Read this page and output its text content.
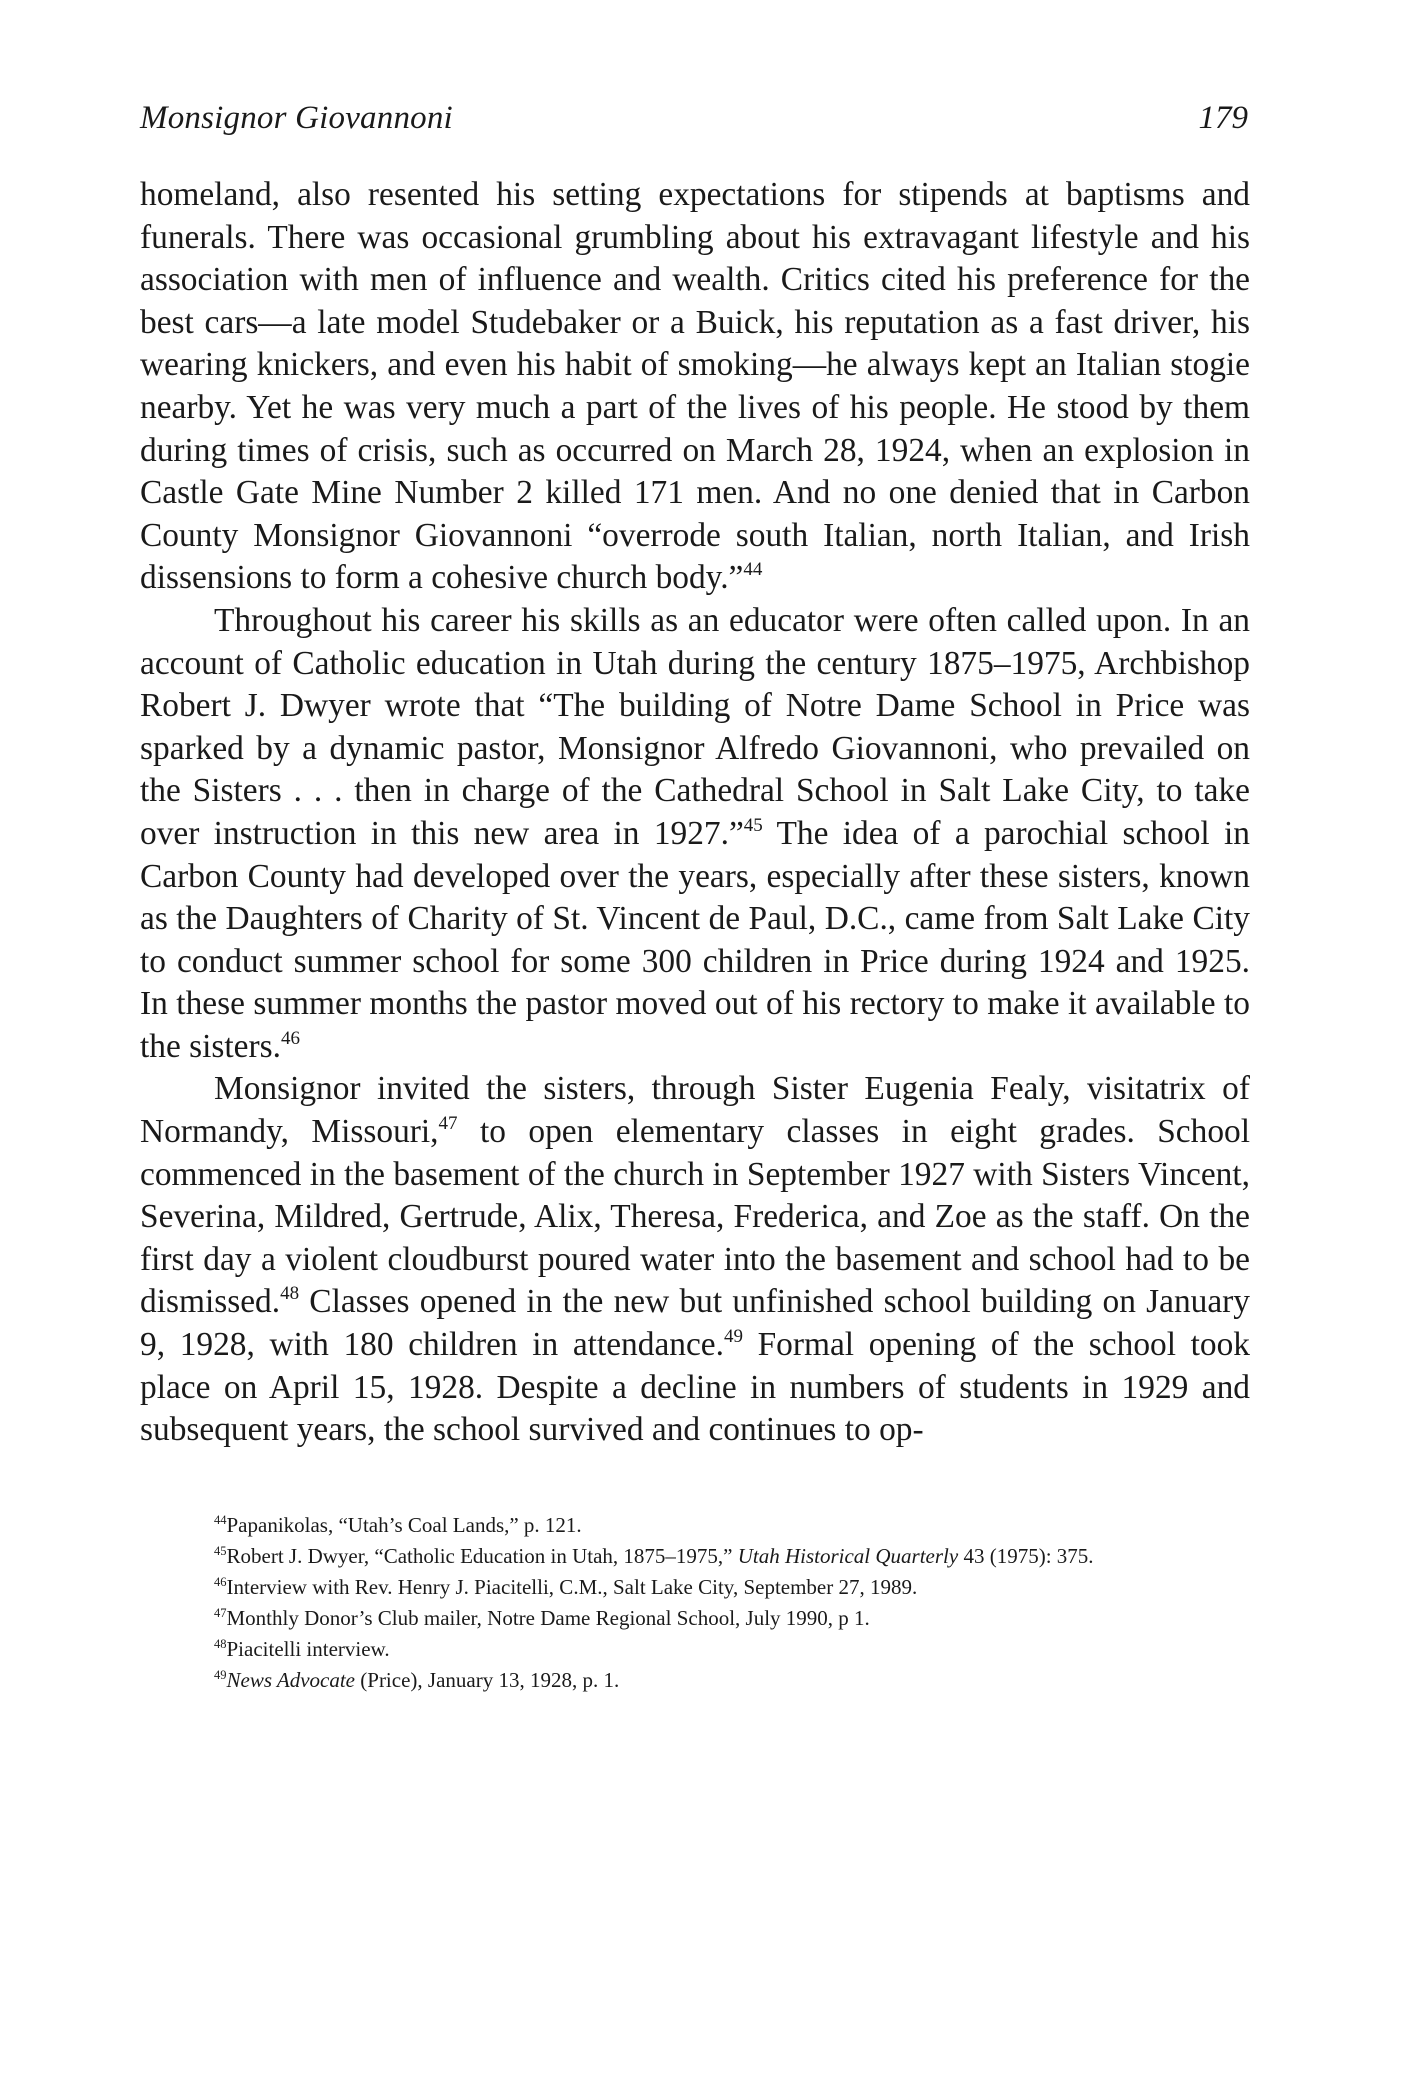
Monsignor Giovannoni	179

homeland, also resented his setting expectations for stipends at baptisms and funerals. There was occasional grumbling about his extravagant lifestyle and his association with men of influence and wealth. Critics cited his preference for the best cars—a late model Studebaker or a Buick, his reputation as a fast driver, his wearing knickers, and even his habit of smoking—he always kept an Italian stogie nearby. Yet he was very much a part of the lives of his people. He stood by them during times of crisis, such as occurred on March 28, 1924, when an explosion in Castle Gate Mine Number 2 killed 171 men. And no one denied that in Carbon County Monsignor Giovannoni “overrode south Italian, north Italian, and Irish dissensions to form a cohesive church body.”$^{44}$

Throughout his career his skills as an educator were often called upon. In an account of Catholic education in Utah during the century 1875–1975, Archbishop Robert J. Dwyer wrote that “The building of Notre Dame School in Price was sparked by a dynamic pastor, Monsignor Alfredo Giovannoni, who prevailed on the Sisters . . . then in charge of the Cathedral School in Salt Lake City, to take over instruction in this new area in 1927.”$^{45}$ The idea of a parochial school in Carbon County had developed over the years, especially after these sisters, known as the Daughters of Charity of St. Vincent de Paul, D.C., came from Salt Lake City to conduct summer school for some 300 children in Price during 1924 and 1925. In these summer months the pastor moved out of his rectory to make it available to the sisters.$^{46}$

Monsignor invited the sisters, through Sister Eugenia Fealy, visitatrix of Normandy, Missouri,$^{47}$ to open elementary classes in eight grades. School commenced in the basement of the church in September 1927 with Sisters Vincent, Severina, Mildred, Gertrude, Alix, Theresa, Frederica, and Zoe as the staff. On the first day a violent cloudburst poured water into the basement and school had to be dismissed.$^{48}$ Classes opened in the new but unfinished school building on January 9, 1928, with 180 children in attendance.$^{49}$ Formal opening of the school took place on April 15, 1928. Despite a decline in numbers of students in 1929 and subsequent years, the school survived and continues to op-

$^{44}$Papanikolas, “Utah’s Coal Lands,” p. 121.
$^{45}$Robert J. Dwyer, “Catholic Education in Utah, 1875–1975,” Utah Historical Quarterly 43 (1975): 375.
$^{46}$Interview with Rev. Henry J. Piacitelli, C.M., Salt Lake City, September 27, 1989.
$^{47}$Monthly Donor’s Club mailer, Notre Dame Regional School, July 1990, p 1.
$^{48}$Piacitelli interview.
$^{49}$News Advocate (Price), January 13, 1928, p. 1.
